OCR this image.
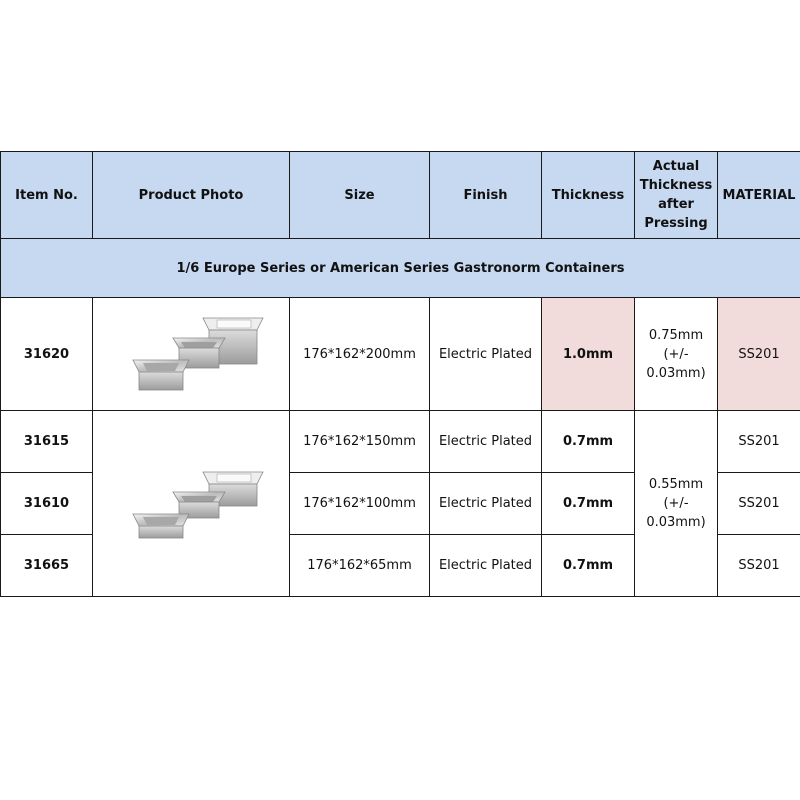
Item No.	Product Photo	Size	Finish	Thickness	Actual
Thickness
after
Pressing	MATERIAL
1/6 Europe Series or American Series Gastronorm Containers						
31620		176*162*200mm	Electric Plated	1.0mm	0.75mm
(+/-
0.03mm)	SS201
31615		176*162*150mm	Electric Plated	0.7mm	0.55mm
(+/-
0.03mm)	SS201
31610		176*162*100mm	Electric Plated	0.7mm		SS201
31665		176*162*65mm	Electric Plated	0.7mm		SS201
